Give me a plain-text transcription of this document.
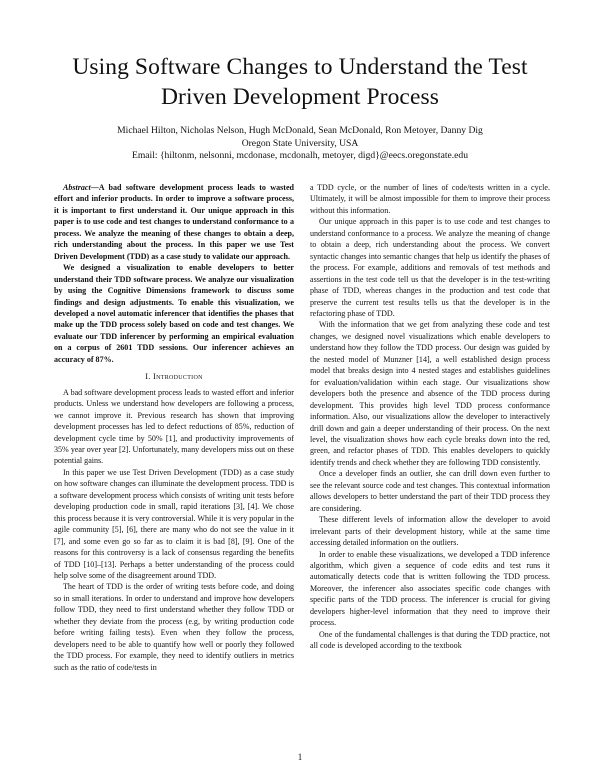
Using Software Changes to Understand the Test
Driven Development Process
Michael Hilton, Nicholas Nelson, Hugh McDonald, Sean McDonald, Ron Metoyer, Danny Dig
Oregon State University, USA
Email: {hiltonm, nelsonni, mcdonase, mcdonalh, metoyer, digd}@eecs.oregonstate.edu

Abstract—A bad software development process leads to wasted effort and inferior products. In order to improve a software process, it is important to first understand it. Our unique approach in this paper is to use code and test changes to understand conformance to a process. We analyze the meaning of these changes to obtain a deep, rich understanding about the process. In this paper we use Test Driven Development (TDD) as a case study to validate our approach.

We designed a visualization to enable developers to better understand their TDD software process. We analyze our visualization by using the Cognitive Dimensions framework to discuss some findings and design adjustments. To enable this visualization, we developed a novel automatic inferencer that identifies the phases that make up the TDD process solely based on code and test changes. We evaluate our TDD inferencer by performing an empirical evaluation on a corpus of 2601 TDD sessions. Our inferencer achieves an accuracy of 87%.

I. Introduction

A bad software development process leads to wasted effort and inferior products. Unless we understand how developers are following a process, we cannot improve it. Previous research has shown that improving development processes has led to defect reductions of 85%, reduction of development cycle time by 50% [1], and productivity improvements of 35% year over year [2]. Unfortunately, many developers miss out on these potential gains.

In this paper we use Test Driven Development (TDD) as a case study on how software changes can illuminate the development process. TDD is a software development process which consists of writing unit tests before developing production code in small, rapid iterations [3], [4]. We chose this process because it is very controversial. While it is very popular in the agile community [5], [6], there are many who do not see the value in it [7], and some even go so far as to claim it is bad [8], [9]. One of the reasons for this controversy is a lack of consensus regarding the benefits of TDD [10]–[13]. Perhaps a better understanding of the process could help solve some of the disagreement around TDD.

The heart of TDD is the order of writing tests before code, and doing so in small iterations. In order to understand and improve how developers follow TDD, they need to first understand whether they follow TDD or whether they deviate from the process (e.g, by writing production code before writing failing tests). Even when they follow the process, developers need to be able to quantify how well or poorly they followed the TDD process. For example, they need to identify outliers in metrics such as the ratio of code/tests in

a TDD cycle, or the number of lines of code/tests written in a cycle. Ultimately, it will be almost impossible for them to improve their process without this information.

Our unique approach in this paper is to use code and test changes to understand conformance to a process. We analyze the meaning of change to obtain a deep, rich understanding about the process. We convert syntactic changes into semantic changes that help us identify the phases of the process. For example, additions and removals of test methods and assertions in the test code tell us that the developer is in the test-writing phase of TDD, whereas changes in the production and test code that preserve the current test results tells us that the developer is in the refactoring phase of TDD.

With the information that we get from analyzing these code and test changes, we designed novel visualizations which enable developers to understand how they follow the TDD process. Our design was guided by the nested model of Munzner [14], a well established design process model that breaks design into 4 nested stages and establishes guidelines for evaluation/validation within each stage. Our visualizations show developers both the presence and absence of the TDD process during development. This provides high level TDD process conformance information. Also, our visualizations allow the developer to interactively drill down and gain a deeper understanding of their process. On the next level, the visualization shows how each cycle breaks down into the red, green, and refactor phases of TDD. This enables developers to quickly identify trends and check whether they are following TDD consistently.

Once a developer finds an outlier, she can drill down even further to see the relevant source code and test changes. This contextual information allows developers to better understand the part of their TDD process they are considering.

These different levels of information allow the developer to avoid irrelevant parts of their development history, while at the same time accessing detailed information on the outliers.

In order to enable these visualizations, we developed a TDD inference algorithm, which given a sequence of code edits and test runs it automatically detects code that is written following the TDD process. Moreover, the inferencer also associates specific code changes with specific parts of the TDD process. The inferencer is crucial for giving developers higher-level information that they need to improve their process.

One of the fundamental challenges is that during the TDD practice, not all code is developed according to the textbook

1
